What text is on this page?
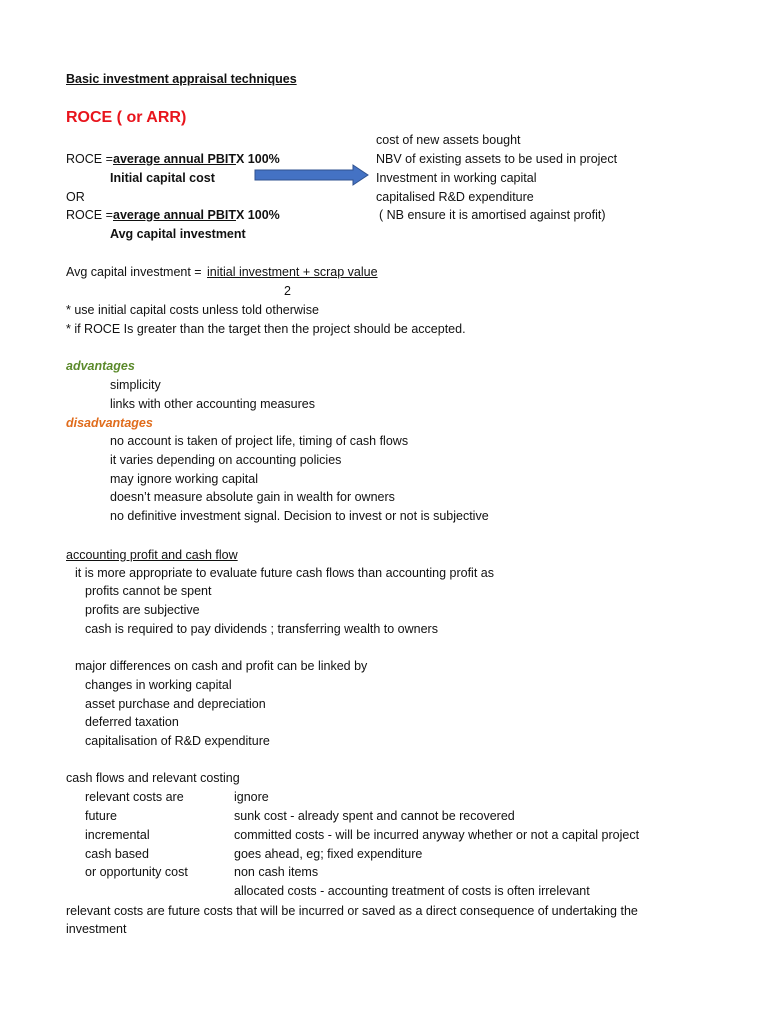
Basic investment appraisal techniques
ROCE ( or ARR)
ROCE = average annual PBIT X 100%
Initial capital cost
OR
ROCE = average annual PBIT X 100%
Avg capital investment
cost of new assets bought
NBV of existing assets to be used in project
Investment in working capital
capitalised R&D expenditure
( NB ensure it is amortised against profit)
Avg capital investment = initial investment + scrap value
2
* use initial capital costs unless told otherwise
* if ROCE Is greater than the target then the project should be accepted.
advantages
simplicity
links with other accounting measures
disadvantages
no account is taken of project life, timing of cash flows
it varies depending on accounting policies
may ignore working capital
doesn’t measure absolute gain in wealth for owners
no definitive investment signal. Decision to invest or not is subjective
accounting profit and cash flow
it is more appropriate to evaluate future cash flows than accounting profit as
profits cannot be spent
profits are subjective
cash is required to pay dividends ; transferring wealth to owners
major differences on cash and profit can be linked by
changes in working capital
asset purchase and depreciation
deferred taxation
capitalisation of R&D expenditure
cash flows and relevant costing
relevant costs are
future
incremental
cash based
or opportunity cost
ignore
sunk cost - already spent and cannot be recovered
committed costs - will be incurred anyway whether or not a capital project
goes ahead, eg; fixed expenditure
non cash items
allocated costs - accounting treatment of costs is often irrelevant
relevant costs are future costs that will be incurred or saved as a direct consequence of undertaking the
investment
